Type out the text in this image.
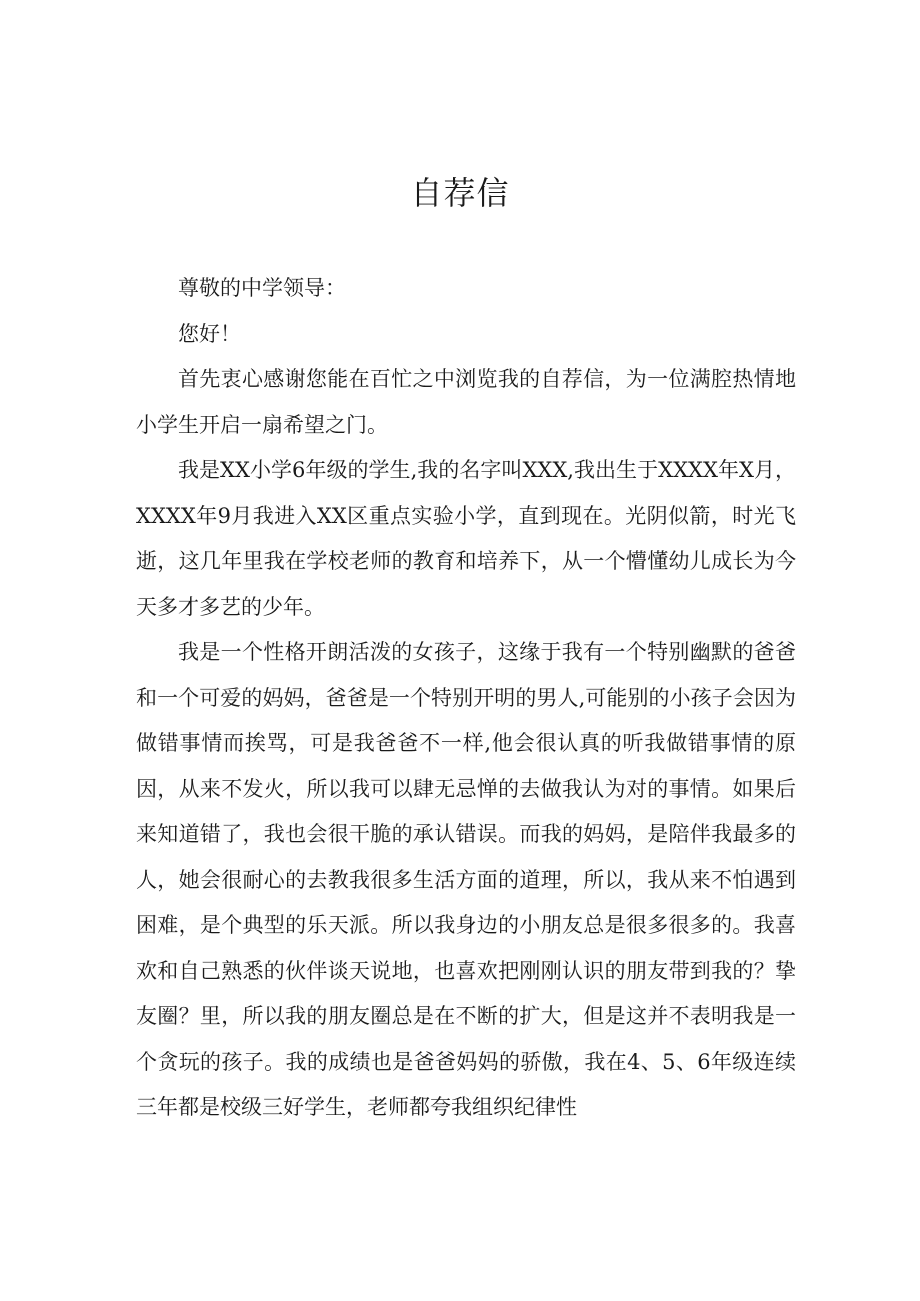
自荐信

尊敬的中学领导：

您好！

首先衷心感谢您能在百忙之中浏览我的自荐信，为一位满腔热情地小学生开启一扇希望之门。

我是XX小学6年级的学生,我的名字叫XXX,我出生于XXXX年X月，XXXX年9月我进入XX区重点实验小学，直到现在。光阴似箭，时光飞逝，这几年里我在学校老师的教育和培养下，从一个懵懂幼儿成长为今天多才多艺的少年。

我是一个性格开朗活泼的女孩子，这缘于我有一个特别幽默的爸爸和一个可爱的妈妈，爸爸是一个特别开明的男人,可能别的小孩子会因为做错事情而挨骂，可是我爸爸不一样,他会很认真的听我做错事情的原因，从来不发火，所以我可以肆无忌惮的去做我认为对的事情。如果后来知道错了，我也会很干脆的承认错误。而我的妈妈，是陪伴我最多的人，她会很耐心的去教我很多生活方面的道理，所以，我从来不怕遇到困难，是个典型的乐天派。所以我身边的小朋友总是很多很多的。我喜欢和自己熟悉的伙伴谈天说地，也喜欢把刚刚认识的朋友带到我的？挚友圈？里，所以我的朋友圈总是在不断的扩大，但是这并不表明我是一个贪玩的孩子。我的成绩也是爸爸妈妈的骄傲，我在4、5、6年级连续三年都是校级三好学生，老师都夸我组织纪律性
